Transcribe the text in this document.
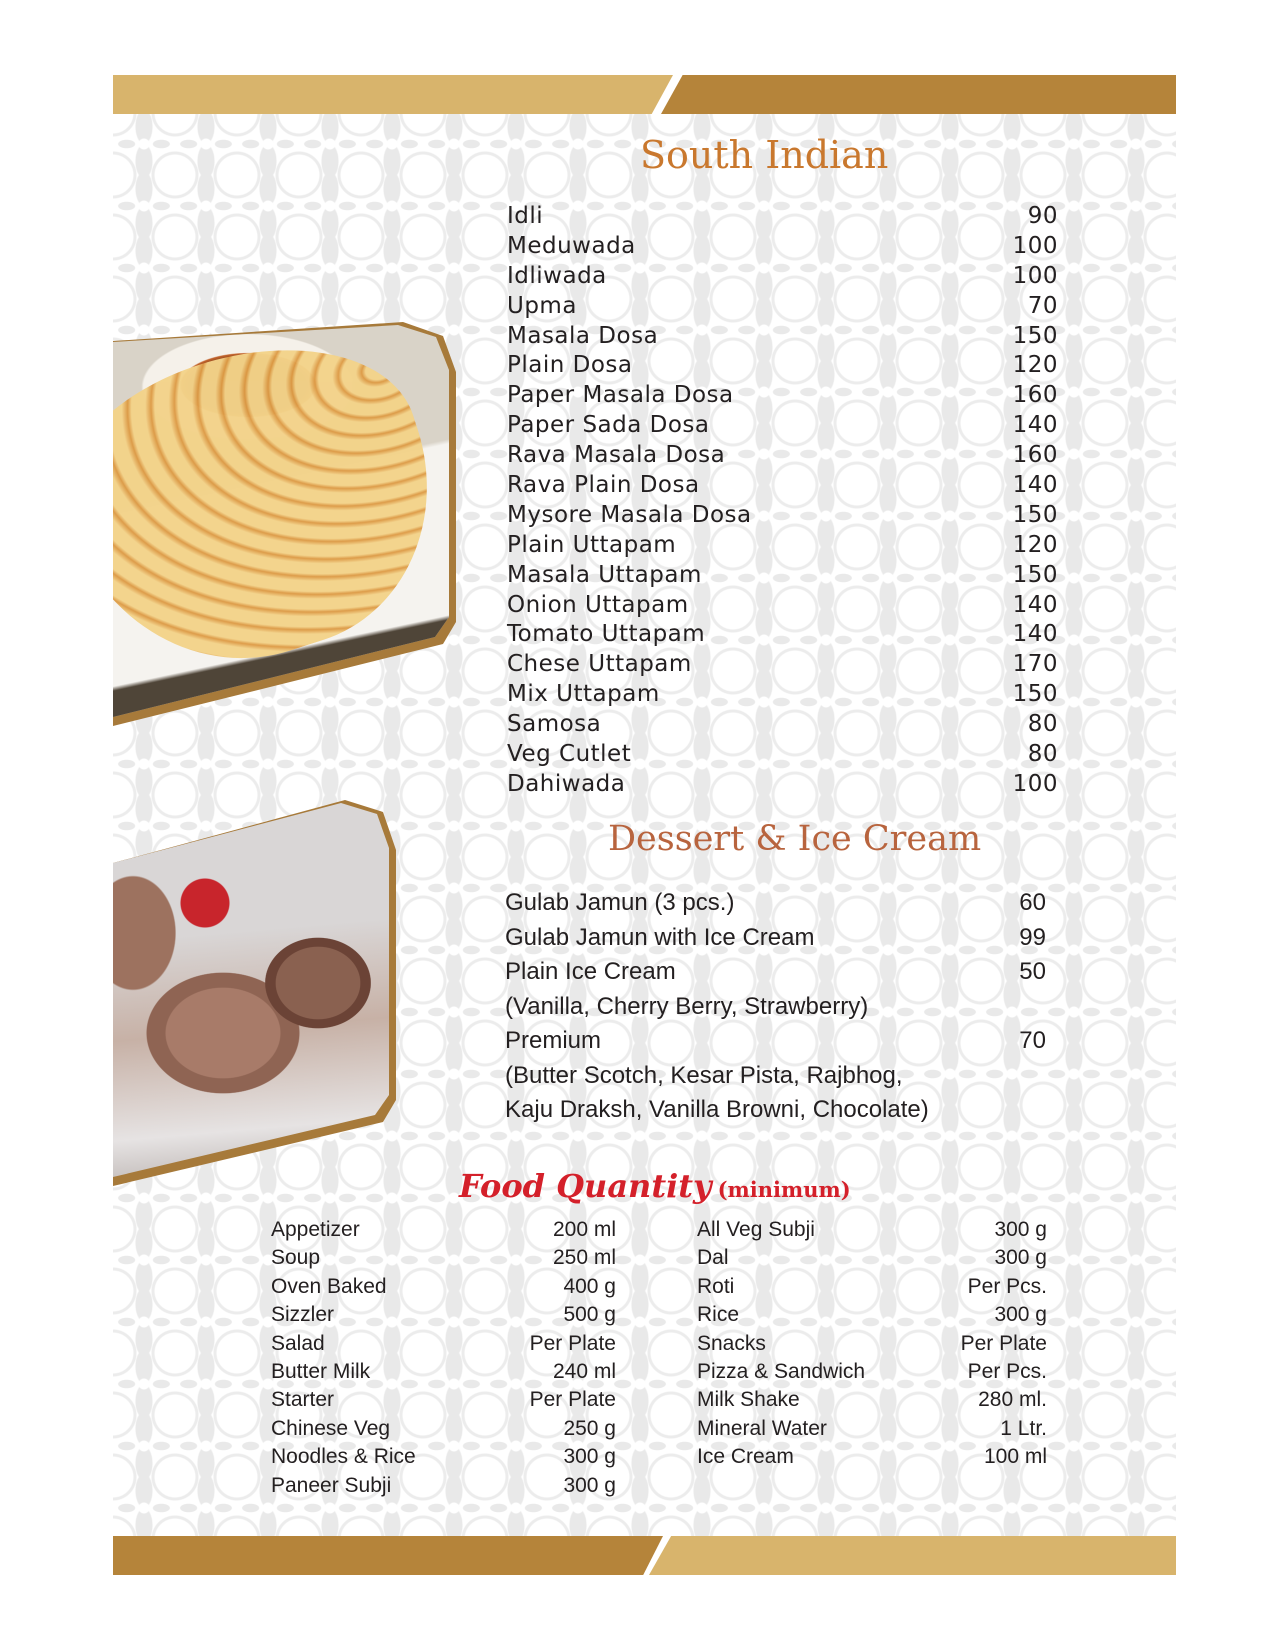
South Indian
Idli	90
Meduwada	100
Idliwada	100
Upma	70
Masala Dosa	150
Plain Dosa	120
Paper Masala Dosa	160
Paper Sada Dosa	140
Rava Masala Dosa	160
Rava Plain Dosa	140
Mysore Masala Dosa	150
Plain Uttapam	120
Masala Uttapam	150
Onion Uttapam	140
Tomato Uttapam	140
Chese Uttapam	170
Mix Uttapam	150
Samosa	80
Veg Cutlet	80
Dahiwada	100
Dessert & Ice Cream
Gulab Jamun (3 pcs.)	60
Gulab Jamun with Ice Cream	99
Plain Ice Cream	50
(Vanilla, Cherry Berry, Strawberry)
Premium	70
(Butter Scotch, Kesar Pista, Rajbhog,
Kaju Draksh, Vanilla Browni, Chocolate)
Food Quantity (minimum)
Appetizer	200 ml
Soup	250 ml
Oven Baked	400 g
Sizzler	500 g
Salad	Per Plate
Butter Milk	240 ml
Starter	Per Plate
Chinese Veg	250 g
Noodles & Rice	300 g
Paneer Subji	300 g
All Veg Subji	300 g
Dal	300 g
Roti	Per Pcs.
Rice	300 g
Snacks	Per Plate
Pizza & Sandwich	Per Pcs.
Milk Shake	280 ml.
Mineral Water	1 Ltr.
Ice Cream	100 ml
